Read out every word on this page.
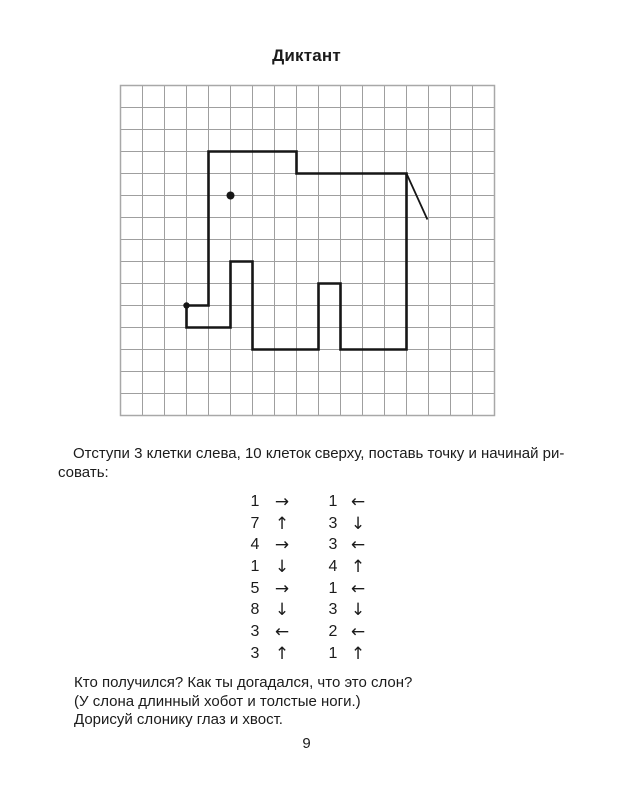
Диктант
Отступи 3 клетки слева, 10 клеток сверху, поставь точку и начинай ри-
совать:
1 →	1 ←
7 ↑	3 ↓
4 →	3 ←
1 ↓	4 ↑
5 →	1 ←
8 ↓	3 ↓
3 ←	2 ←
3 ↑	1 ↑
Кто получился? Как ты догадался, что это слон?
(У слона длинный хобот и толстые ноги.)
Дорисуй слонику глаз и хвост.
9
